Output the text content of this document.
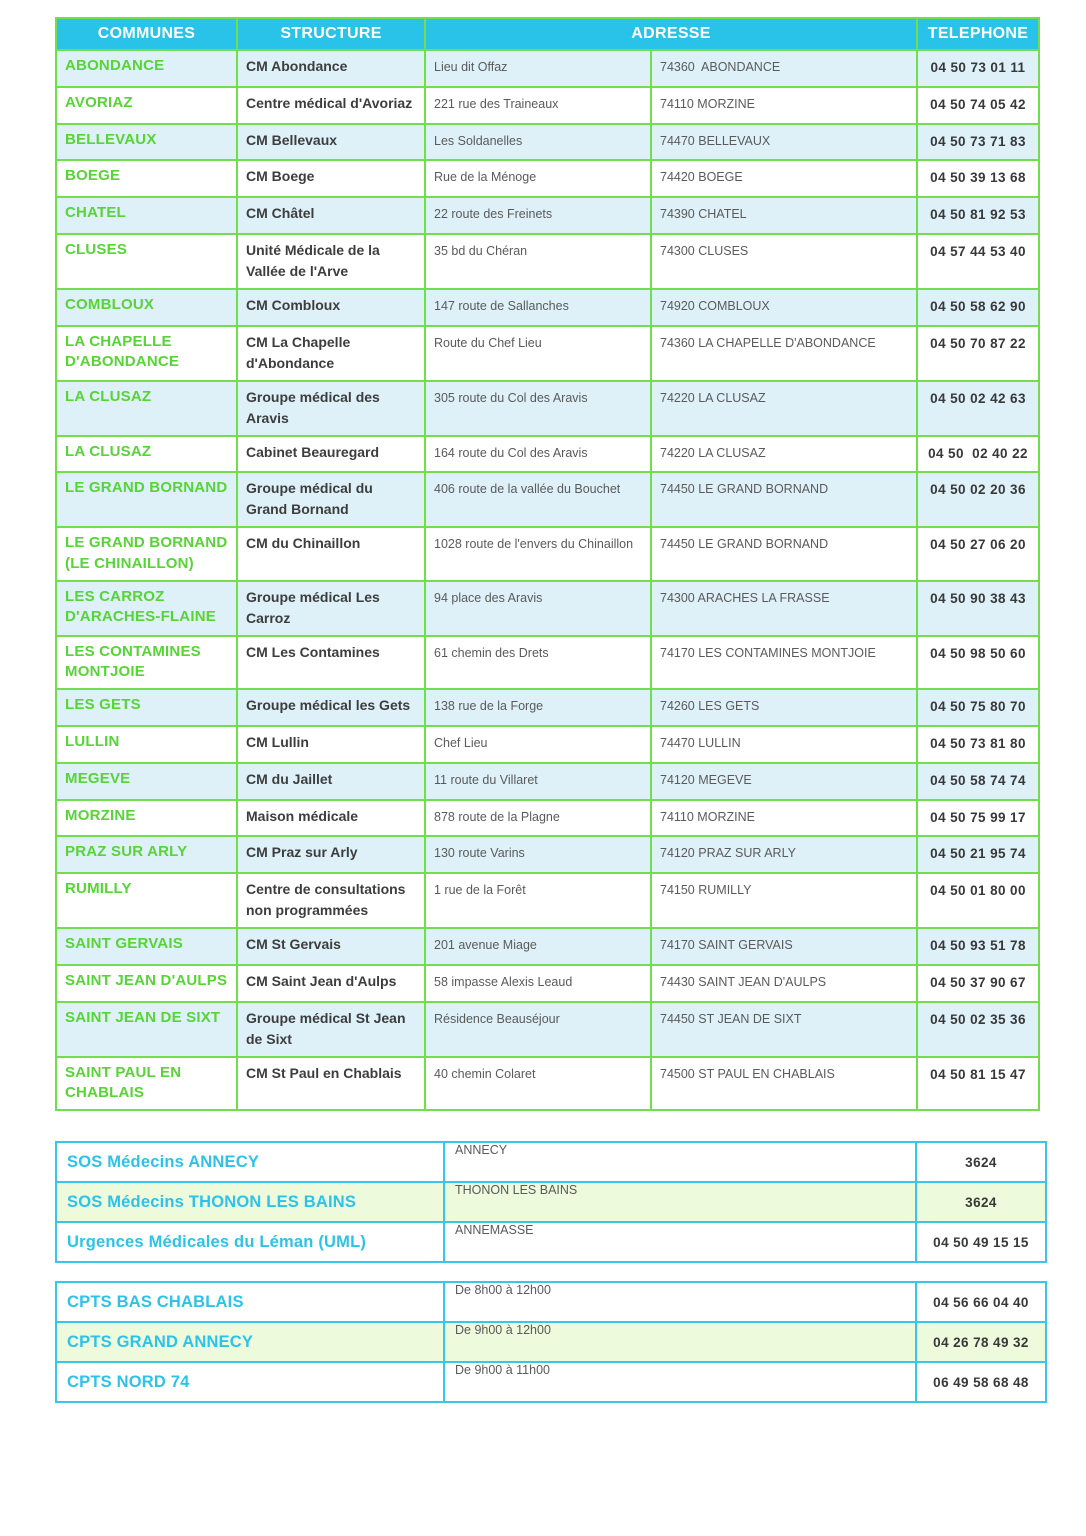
COMMUNES	STRUCTURE	ADRESSE		TELEPHONE
ABONDANCE	CM Abondance	Lieu dit Offaz	74360  ABONDANCE	04 50 73 01 11
AVORIAZ	Centre médical d'Avoriaz	221 rue des Traineaux	74110 MORZINE	04 50 74 05 42
BELLEVAUX	CM Bellevaux	Les Soldanelles	74470 BELLEVAUX	04 50 73 71 83
BOEGE	CM Boege	Rue de la Ménoge	74420 BOEGE	04 50 39 13 68
CHATEL	CM Châtel	22 route des Freinets	74390 CHATEL	04 50 81 92 53
CLUSES	Unité Médicale de la Vallée de l'Arve	35 bd du Chéran	74300 CLUSES	04 57 44 53 40
COMBLOUX	CM Combloux	147 route de Sallanches	74920 COMBLOUX	04 50 58 62 90
LA CHAPELLE D'ABONDANCE	CM La Chapelle d'Abondance	Route du Chef Lieu	74360 LA CHAPELLE D'ABONDANCE	04 50 70 87 22
LA CLUSAZ	Groupe médical des Aravis	305 route du Col des Aravis	74220 LA CLUSAZ	04 50 02 42 63
LA CLUSAZ	Cabinet Beauregard	164 route du Col des Aravis	74220 LA CLUSAZ	04 50  02 40 22
LE GRAND BORNAND	Groupe médical du Grand Bornand	406 route de la vallée du Bouchet	74450 LE GRAND BORNAND	04 50 02 20 36
LE GRAND BORNAND (LE CHINAILLON)	CM du Chinaillon	1028 route de l'envers du Chinaillon	74450 LE GRAND BORNAND	04 50 27 06 20
LES CARROZ D'ARACHES-FLAINE	Groupe médical Les Carroz	94 place des Aravis	74300 ARACHES LA FRASSE	04 50 90 38 43
LES CONTAMINES MONTJOIE	CM Les Contamines	61 chemin des Drets	74170 LES CONTAMINES MONTJOIE	04 50 98 50 60
LES GETS	Groupe médical les Gets	138 rue de la Forge	74260 LES GETS	04 50 75 80 70
LULLIN	CM Lullin	Chef Lieu	74470 LULLIN	04 50 73 81 80
MEGEVE	CM du Jaillet	11 route du Villaret	74120 MEGEVE	04 50 58 74 74
MORZINE	Maison médicale	878 route de la Plagne	74110 MORZINE	04 50 75 99 17
PRAZ SUR ARLY	CM Praz sur Arly	130 route Varins	74120 PRAZ SUR ARLY	04 50 21 95 74
RUMILLY	Centre de consultations non programmées	1 rue de la Forêt	74150 RUMILLY	04 50 01 80 00
SAINT GERVAIS	CM St Gervais	201 avenue Miage	74170 SAINT GERVAIS	04 50 93 51 78
SAINT JEAN D'AULPS	CM Saint Jean d'Aulps	58 impasse Alexis Leaud	74430 SAINT JEAN D'AULPS	04 50 37 90 67
SAINT JEAN DE SIXT	Groupe médical St Jean de Sixt	Résidence Beauséjour	74450 ST JEAN DE SIXT	04 50 02 35 36
SAINT PAUL EN CHABLAIS	CM St Paul en Chablais	40 chemin Colaret	74500 ST PAUL EN CHABLAIS	04 50 81 15 47
SOS Médecins ANNECY	ANNECY	3624
SOS Médecins THONON LES BAINS	THONON LES BAINS	3624
Urgences Médicales du Léman (UML)	ANNEMASSE	04 50 49 15 15
CPTS BAS CHABLAIS	De 8h00 à 12h00	04 56 66 04 40
CPTS GRAND ANNECY	De 9h00 à 12h00	04 26 78 49 32
CPTS NORD 74	De 9h00 à 11h00	06 49 58 68 48
